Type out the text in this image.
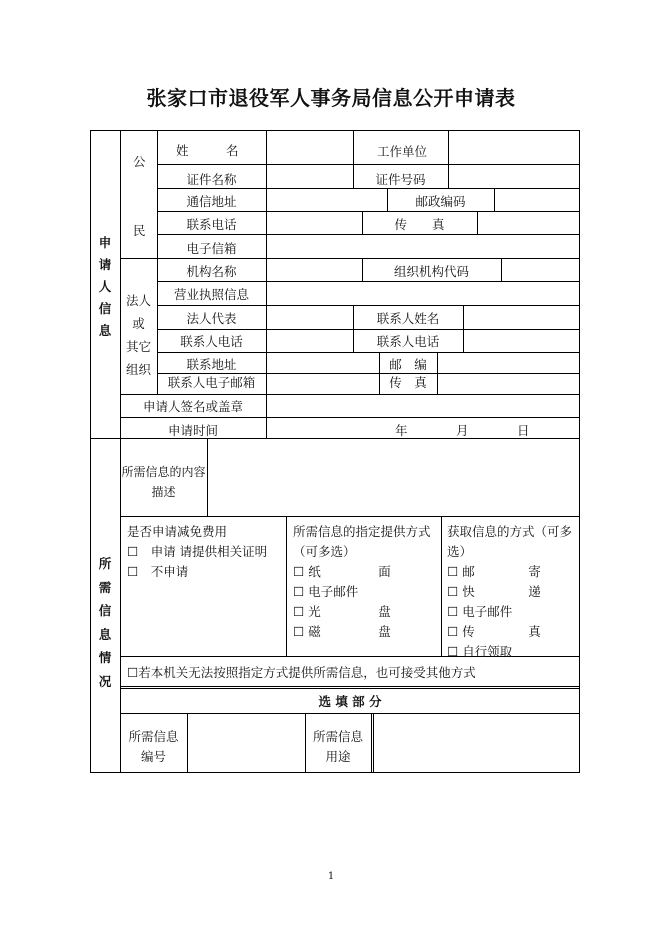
张家口市退役军人事务局信息公开申请表
申
请
人
信
息
所
需
信
息
情
况
公
民
姓　　　名	工作单位
证件名称	证件号码
通信地址	邮政编码
联系电话	传　　真
电子信箱
法人
或
其它
组织
机构名称	组织机构代码
营业执照信息
法人代表	联系人姓名
联系人电话	联系人电话
联系地址	邮　编
联系人电子邮箱	传　真
申请人签名或盖章
申请时间	年	月	日
所需信息的内容
描述
是否申请减免费用
☐　申请 请提供相关证明
☐　不申请
所需信息的指定提供方式
（可多选）
☐ 纸	面
☐ 电子邮件
☐ 光	盘
☐ 磁	盘
获取信息的方式（可多
选）
☐ 邮	寄
☐ 快	递
☐ 电子邮件
☐ 传	真
☐ 自行领取
☐若本机关无法按照指定方式提供所需信息，也可接受其他方式
选 填 部 分
所需信息
编号
所需信息
用途
1
